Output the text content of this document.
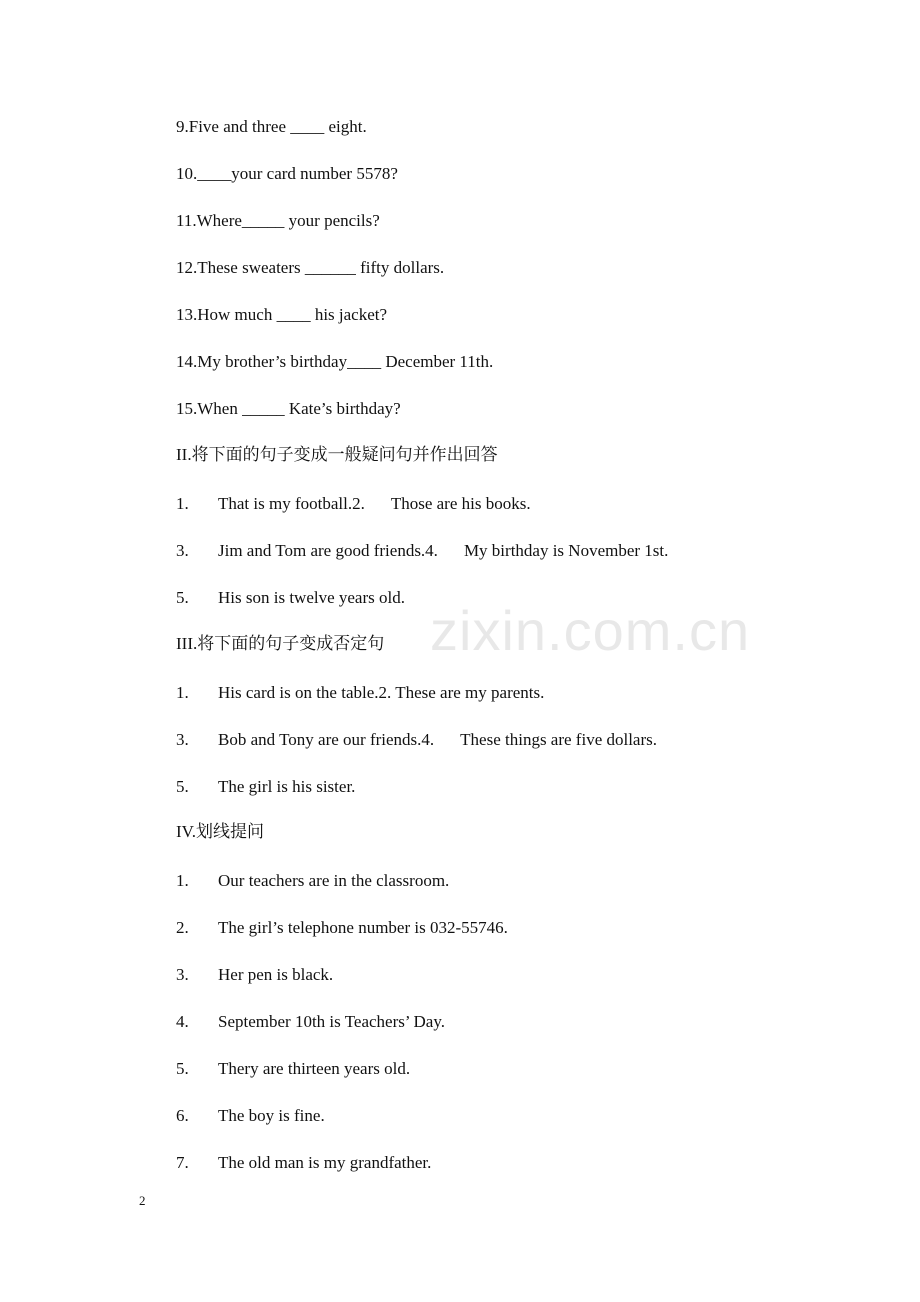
9.Five and three ____ eight.
10.____your card number 5578?
11.Where_____ your pencils?
12.These sweaters ______ fifty dollars.
13.How much ____ his jacket?
14.My brother’s birthday____ December 11th.
15.When _____ Kate’s birthday?
II.将下面的句子变成一般疑问句并作出回答
1. That is my football.2. Those are his books.
3. Jim and Tom are good friends.4. My birthday is November 1st.
5. His son is twelve years old.
III.将下面的句子变成否定句
1. His card is on the table.2. These are my parents.
3. Bob and Tony are our friends.4. These things are five dollars.
5. The girl is his sister.
IV.划线提问
1. Our teachers are in the classroom.
2. The girl’s telephone number is 032-55746.
3. Her pen is black.
4. September 10th is Teachers’ Day.
5. Thery are thirteen years old.
6. The boy is fine.
7. The old man is my grandfather.
zixin.com.cn
2
